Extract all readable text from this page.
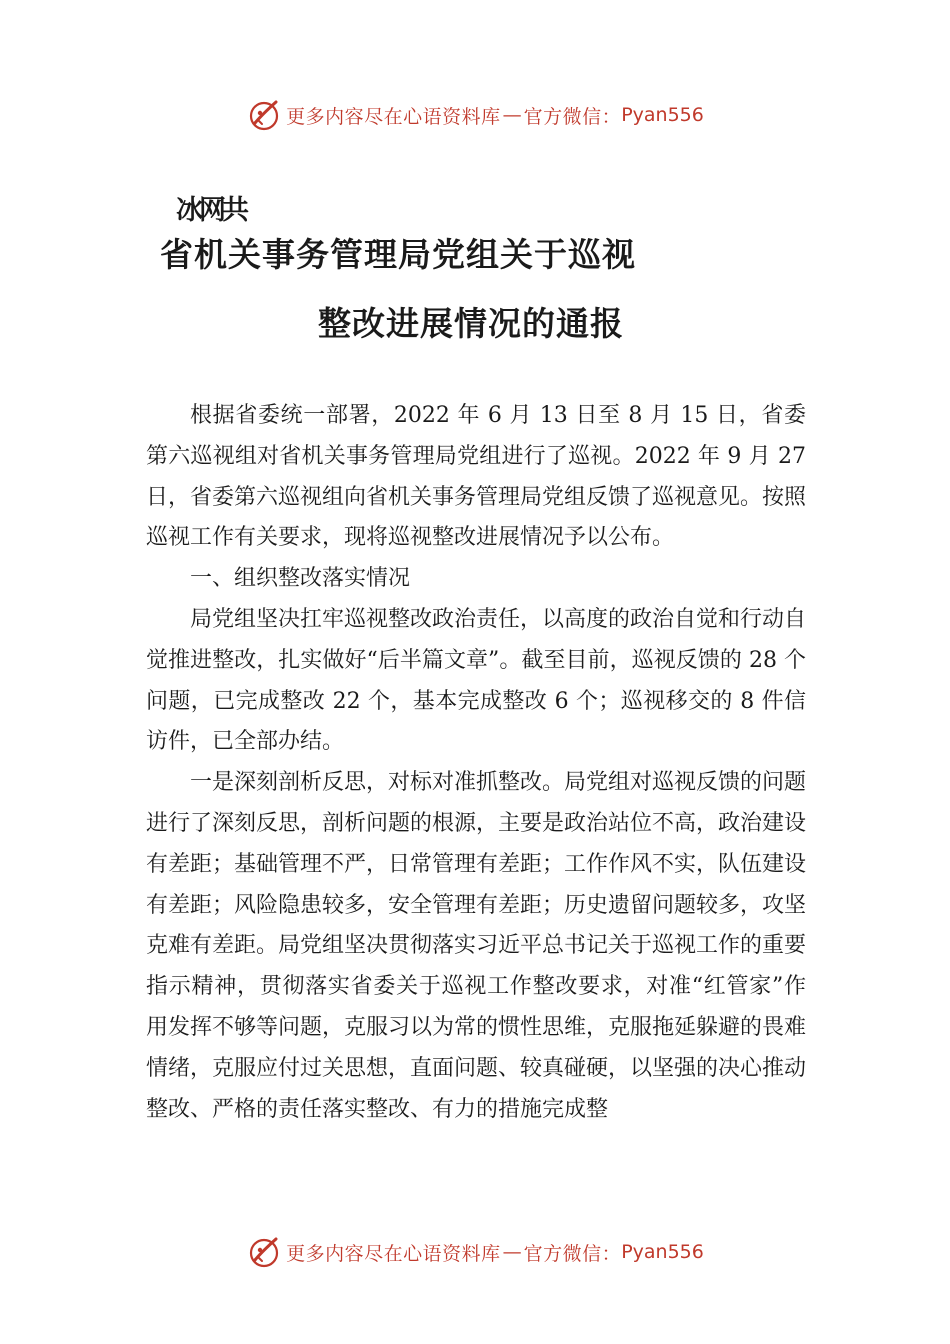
更多内容尽在心语资料库 — 官方微信： Pyan556
冰网共
省机关事务管理局党组关于巡视
整改进展情况的通报

根据省委统一部署，2022 年 6 月 13 日至 8 月 15 日，省委第六巡视组对省机关事务管理局党组进行了巡视。2022 年 9 月 27 日，省委第六巡视组向省机关事务管理局党组反馈了巡视意见。按照巡视工作有关要求，现将巡视整改进展情况予以公布。

一、组织整改落实情况

局党组坚决扛牢巡视整改政治责任，以高度的政治自觉和行动自觉推进整改，扎实做好“后半篇文章”。截至目前，巡视反馈的 28 个问题，已完成整改 22 个，基本完成整改 6 个；巡视移交的 8 件信访件，已全部办结。

一是深刻剖析反思，对标对准抓整改。局党组对巡视反馈的问题进行了深刻反思，剖析问题的根源，主要是政治站位不高，政治建设有差距；基础管理不严，日常管理有差距；工作作风不实，队伍建设有差距；风险隐患较多，安全管理有差距；历史遗留问题较多，攻坚克难有差距。局党组坚决贯彻落实习近平总书记关于巡视工作的重要指示精神，贯彻落实省委关于巡视工作整改要求，对准“红管家”作用发挥不够等问题，克服习以为常的惯性思维，克服拖延躲避的畏难情绪，克服应付过关思想，直面问题、较真碰硬，以坚强的决心推动整改、严格的责任落实整改、有力的措施完成整

更多内容尽在心语资料库 — 官方微信： Pyan556
